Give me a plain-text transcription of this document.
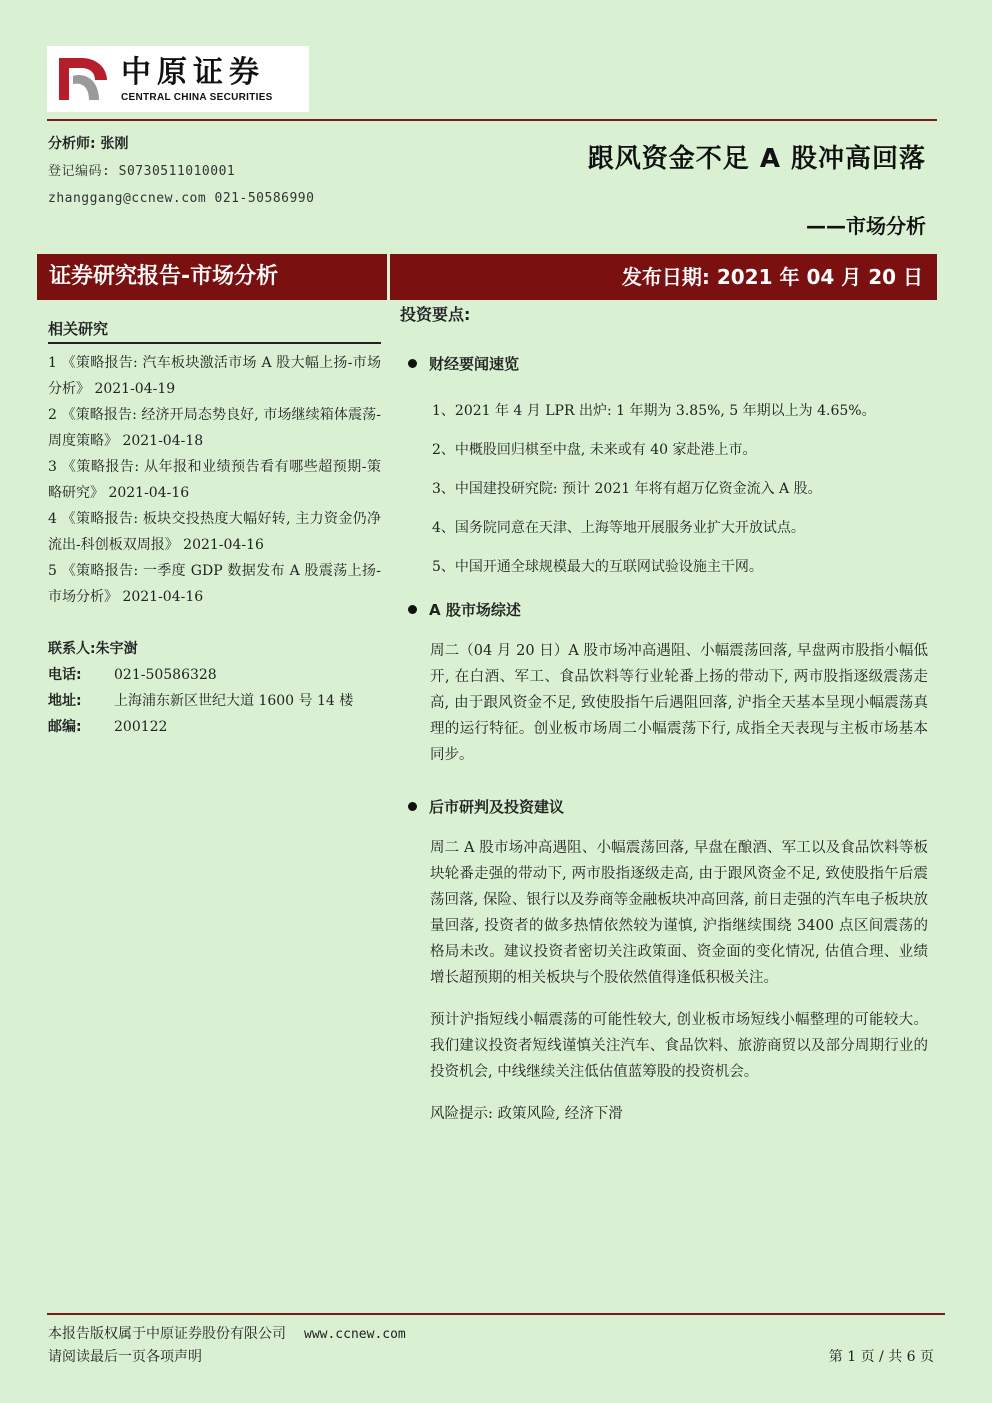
中原证券
CENTRAL CHINA SECURITIES
分析师: 张刚
登记编码: S0730511010001
zhanggang@ccnew.com 021-50586990
跟风资金不足 A 股冲高回落
——市场分析
证券研究报告-市场分析	发布日期: 2021 年 04 月 20 日
相关研究
1 《策略报告: 汽车板块激活市场 A 股大幅上扬-市场分析》 2021-04-19
2 《策略报告: 经济开局态势良好, 市场继续箱体震荡-周度策略》 2021-04-18
3 《策略报告: 从年报和业绩预告看有哪些超预期-策略研究》 2021-04-16
4 《策略报告: 板块交投热度大幅好转, 主力资金仍净流出-科创板双周报》 2021-04-16
5 《策略报告: 一季度 GDP 数据发布 A 股震荡上扬-市场分析》 2021-04-16
联系人: 朱宇澍
电话:	021-50586328
地址:	上海浦东新区世纪大道 1600 号 14 楼
邮编:	200122
投资要点:
财经要闻速览
1、2021 年 4 月 LPR 出炉: 1 年期为 3.85%, 5 年期以上为 4.65%。
2、中概股回归棋至中盘, 未来或有 40 家赴港上市。
3、中国建投研究院: 预计 2021 年将有超万亿资金流入 A 股。
4、国务院同意在天津、上海等地开展服务业扩大开放试点。
5、中国开通全球规模最大的互联网试验设施主干网。
A 股市场综述
周二（04 月 20 日）A 股市场冲高遇阻、小幅震荡回落, 早盘两市股指小幅低开, 在白酒、军工、食品饮料等行业轮番上扬的带动下, 两市股指逐级震荡走高, 由于跟风资金不足, 致使股指午后遇阻回落, 沪指全天基本呈现小幅震荡真理的运行特征。创业板市场周二小幅震荡下行, 成指全天表现与主板市场基本同步。
后市研判及投资建议
周二 A 股市场冲高遇阻、小幅震荡回落, 早盘在酿酒、军工以及食品饮料等板块轮番走强的带动下, 两市股指逐级走高, 由于跟风资金不足, 致使股指午后震荡回落, 保险、银行以及券商等金融板块冲高回落, 前日走强的汽车电子板块放量回落, 投资者的做多热情依然较为谨慎, 沪指继续围绕 3400 点区间震荡的格局未改。建议投资者密切关注政策面、资金面的变化情况, 估值合理、业绩增长超预期的相关板块与个股依然值得逢低积极关注。
预计沪指短线小幅震荡的可能性较大, 创业板市场短线小幅整理的可能较大。我们建议投资者短线谨慎关注汽车、食品饮料、旅游商贸以及部分周期行业的投资机会, 中线继续关注低估值蓝筹股的投资机会。
风险提示: 政策风险, 经济下滑
本报告版权属于中原证券股份有限公司 www.ccnew.com
请阅读最后一页各项声明	第 1 页 / 共 6 页
